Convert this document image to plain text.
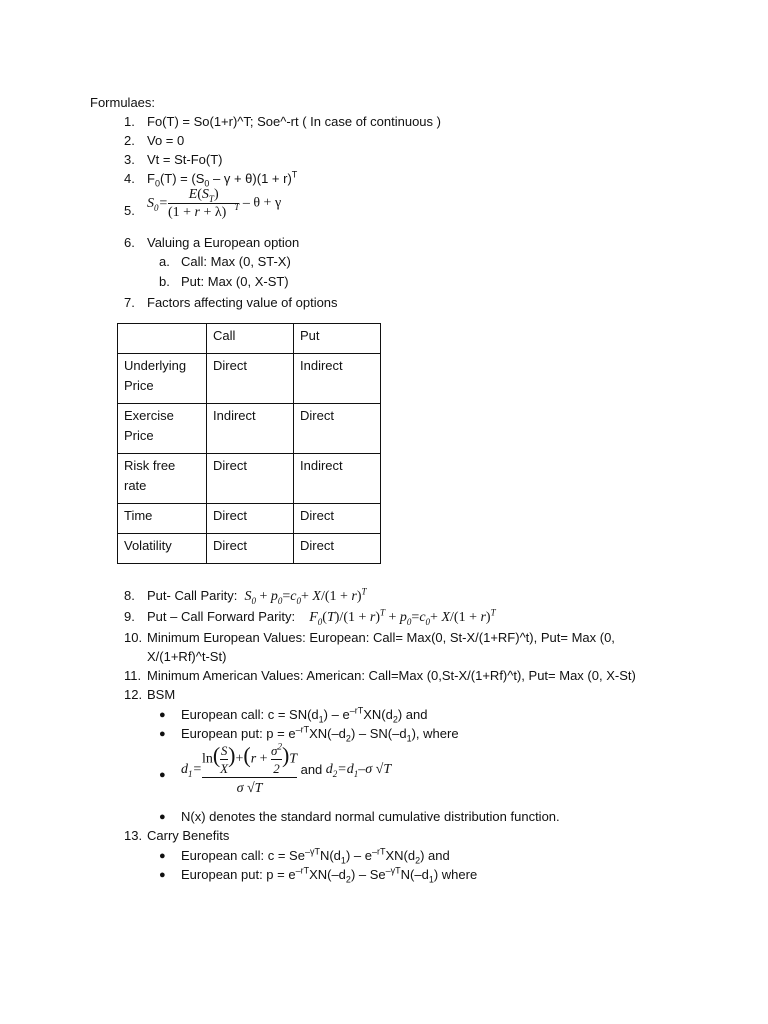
Formulaes:
1. Fo(T) = So(1+r)^T; Soe^-rt ( In case of continuous )
2. Vo = 0
3. Vt = St-Fo(T)
4. $F_0(T) = (S_0 - \gamma + \theta)(1 + r)^T$
5. $S_0= \frac{E(S_T)}{(1 + r + \lambda) ^T} - \theta + \gamma$
6. Valuing a European option
a. Call: Max (0, ST-X)
b. Put: Max (0, X-ST)
7. Factors affecting value of options
	Call	Put
Underlying
Price	Direct	Indirect
Exercise
Price	Indirect	Direct
Risk free
rate	Direct	Indirect
Time	Direct	Direct
Volatility	Direct	Direct
8. Put- Call Parity:  $S_0 + p_0=c_0+ X/(1 + r)^T$
9. Put – Call Forward Parity:    $F_0(T)/(1 + r)^T + p_0=c_0+ X/(1 + r)^T$
10. Minimum European Values: European: Call= Max(0, St-X/(1+RF)^t), Put= Max (0,
X/(1+Rf)^t-St)
11. Minimum American Values: American: Call=Max (0,St-X/(1+Rf)^t), Put= Max (0, X-St)
12. BSM
● European call: $c = SN(d_1) - e^{-rT}XN(d_2)$ and
● European put: $p = e^{-rT}XN(-d_2) - SN(-d_1)$, where
● $d_1= \frac{\ln( \frac{S}{X} )+(r + \frac{\sigma^2}{2} )T}{\sigma √T}$ and $d_2=d_1-\sigma$ √T
● N(x) denotes the standard normal cumulative distribution function.
13. Carry Benefits
● European call: $c = Se^{-\gamma T}N(d_1) - e^{-rT}XN(d_2)$ and
● European put: $p = e^{-rT}XN(-d_2) - Se^{-\gamma T}N(-d_1)$ where
